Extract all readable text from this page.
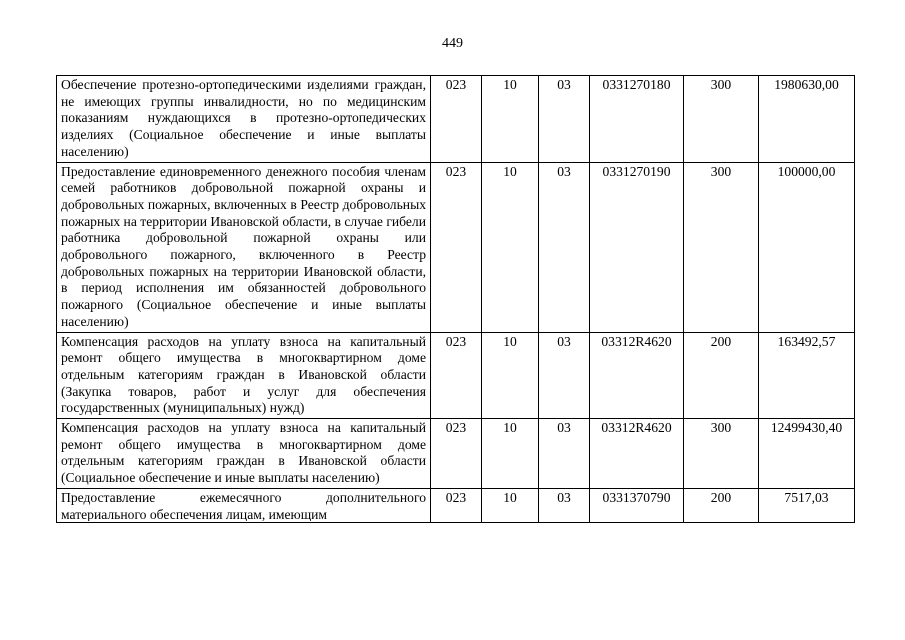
449
Обеспечение протезно-ортопедическими изделиями граждан, не имеющих группы инвалидности, но по медицинским показаниям нуждающихся в протезно-ортопедических изделиях (Социальное обеспечение и иные выплаты населению)	023	10	03	0331270180	300	1980630,00
Предоставление единовременного денежного пособия членам семей работников добровольной пожарной охраны и добровольных пожарных, включенных в Реестр добровольных пожарных на территории Ивановской области, в случае гибели работника добровольной пожарной охраны или добровольного пожарного, включенного в Реестр добровольных пожарных на территории Ивановской области, в период исполнения им обязанностей добровольного пожарного (Социальное обеспечение и иные выплаты населению)	023	10	03	0331270190	300	100000,00
Компенсация расходов на уплату взноса на капитальный ремонт общего имущества в многоквартирном доме отдельным категориям граждан в Ивановской области (Закупка товаров, работ и услуг для обеспечения государственных (муниципальных) нужд)	023	10	03	03312R4620	200	163492,57
Компенсация расходов на уплату взноса на капитальный ремонт общего имущества в многоквартирном доме отдельным категориям граждан в Ивановской области (Социальное обеспечение и иные выплаты населению)	023	10	03	03312R4620	300	12499430,40

Предоставление ежемесячного дополнительного материального обеспечения лицам, имеющим	023	10	03	0331370790	200	7517,03
